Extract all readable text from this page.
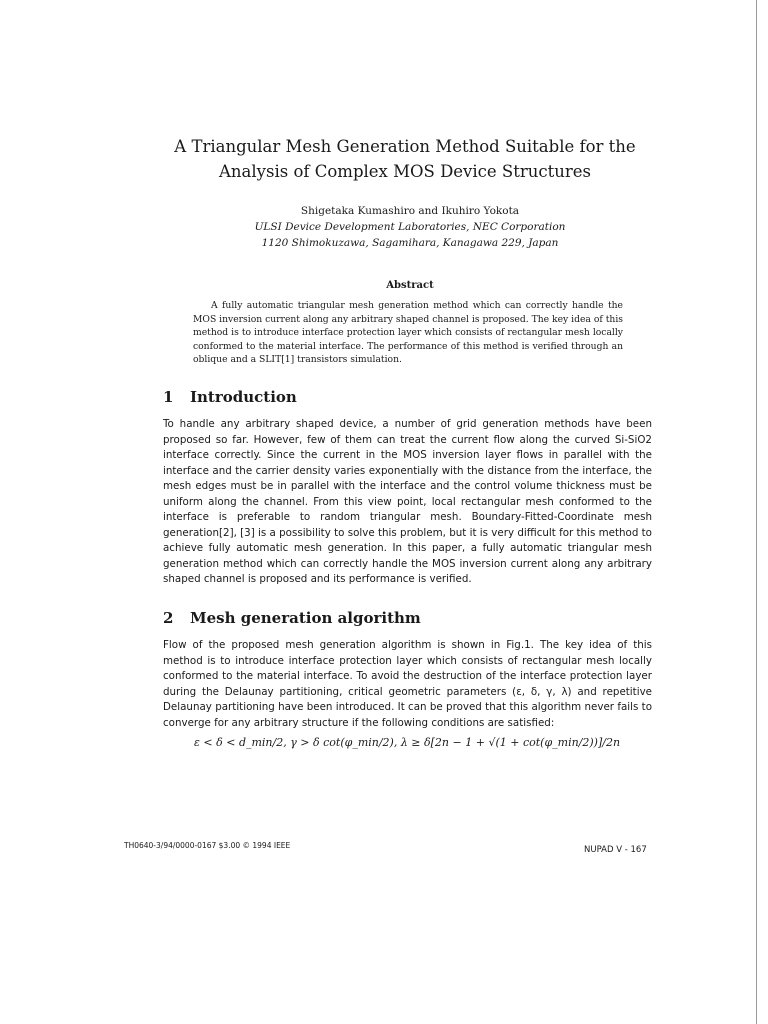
A Triangular Mesh Generation Method Suitable for the
Analysis of Complex MOS Device Structures
Shigetaka Kumashiro and Ikuhiro Yokota
ULSI Device Development Laboratories, NEC Corporation
1120 Shimokuzawa, Sagamihara, Kanagawa 229, Japan
Abstract
A fully automatic triangular mesh generation method which can correctly handle the MOS inversion current along any arbitrary shaped channel is proposed. The key idea of this method is to introduce interface protection layer which consists of rectangular mesh locally conformed to the material interface. The performance of this method is verified through an oblique and a SLIT[1] transistors simulation.
1 Introduction
To handle any arbitrary shaped device, a number of grid generation methods have been proposed so far. However, few of them can treat the current flow along the curved Si-SiO2 interface correctly. Since the current in the MOS inversion layer flows in parallel with the interface and the carrier density varies exponentially with the distance from the interface, the mesh edges must be in parallel with the interface and the control volume thickness must be uniform along the channel. From this view point, local rectangular mesh conformed to the interface is preferable to random triangular mesh. Boundary-Fitted-Coordinate mesh generation[2], [3] is a possibility to solve this problem, but it is very difficult for this method to achieve fully automatic mesh generation. In this paper, a fully automatic triangular mesh generation method which can correctly handle the MOS inversion current along any arbitrary shaped channel is proposed and its performance is verified.
2 Mesh generation algorithm
Flow of the proposed mesh generation algorithm is shown in Fig.1. The key idea of this method is to introduce interface protection layer which consists of rectangular mesh locally conformed to the material interface. To avoid the destruction of the interface protection layer during the Delaunay partitioning, critical geometric parameters (ε, δ, γ, λ) and repetitive Delaunay partitioning have been introduced. It can be proved that this algorithm never fails to converge for any arbitrary structure if the following conditions are satisfied:
ε < δ < d_min/2, γ > δ cot(φ_min/2), λ ≥ δ[2n − 1 + √(1 + cot(φ_min/2))]/2n
TH0640-3/94/0000-0167 $3.00 © 1994 IEEE	NUPAD V - 167
